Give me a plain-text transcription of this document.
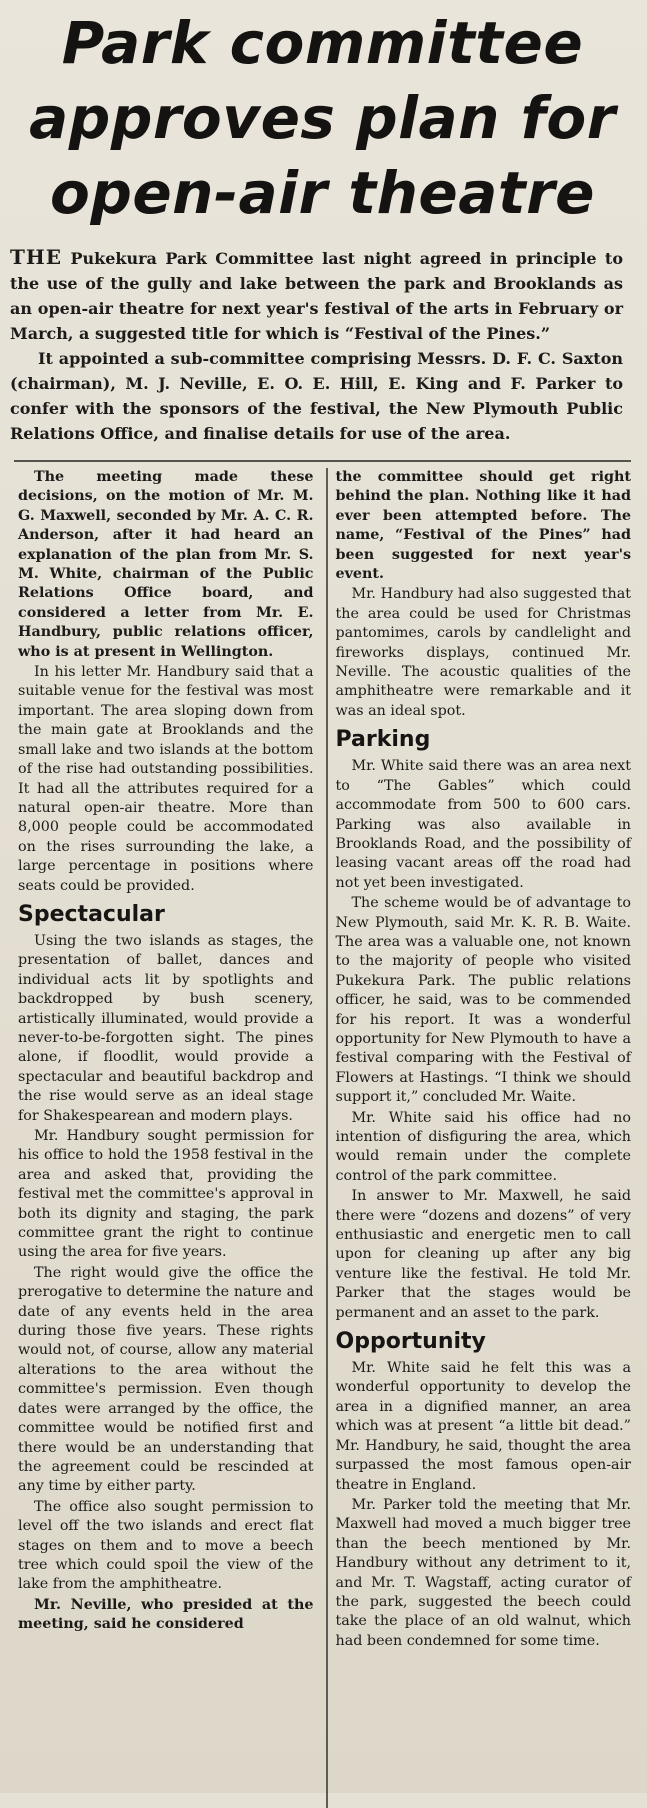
Park committee
approves plan for
open-air theatre

THE Pukekura Park Committee last night agreed in principle to the use of the gully and lake between the park and Brooklands as an open-air theatre for next year's festival of the arts in February or March, a suggested title for which is “Festival of the Pines.”

It appointed a sub-committee comprising Messrs. D. F. C. Saxton (chairman), M. J. Neville, E. O. E. Hill, E. King and F. Parker to confer with the sponsors of the festival, the New Plymouth Public Relations Office, and finalise details for use of the area.

The meeting made these decisions, on the motion of Mr. M. G. Maxwell, seconded by Mr. A. C. R. Anderson, after it had heard an explanation of the plan from Mr. S. M. White, chairman of the Public Relations Office board, and considered a letter from Mr. E. Handbury, public relations officer, who is at present in Wellington.

In his letter Mr. Handbury said that a suitable venue for the festival was most important. The area sloping down from the main gate at Brooklands and the small lake and two islands at the bottom of the rise had outstanding possibilities. It had all the attributes required for a natural open-air theatre. More than 8,000 people could be accommodated on the rises surrounding the lake, a large percentage in positions where seats could be provided.

Spectacular

Using the two islands as stages, the presentation of ballet, dances and individual acts lit by spotlights and backdropped by bush scenery, artistically illuminated, would provide a never-to-be-forgotten sight. The pines alone, if floodlit, would provide a spectacular and beautiful backdrop and the rise would serve as an ideal stage for Shakespearean and modern plays.

Mr. Handbury sought permission for his office to hold the 1958 festival in the area and asked that, providing the festival met the committee's approval in both its dignity and staging, the park committee grant the right to continue using the area for five years.

The right would give the office the prerogative to determine the nature and date of any events held in the area during those five years. These rights would not, of course, allow any material alterations to the area without the committee's permission. Even though dates were arranged by the office, the committee would be notified first and there would be an understanding that the agreement could be rescinded at any time by either party.

The office also sought permission to level off the two islands and erect flat stages on them and to move a beech tree which could spoil the view of the lake from the amphitheatre.

Mr. Neville, who presided at the meeting, said he considered

the committee should get right behind the plan. Nothing like it had ever been attempted before. The name, “Festival of the Pines” had been suggested for next year's event.

Mr. Handbury had also suggested that the area could be used for Christmas pantomimes, carols by candlelight and fireworks displays, continued Mr. Neville. The acoustic qualities of the amphitheatre were remarkable and it was an ideal spot.

Parking

Mr. White said there was an area next to “The Gables” which could accommodate from 500 to 600 cars. Parking was also available in Brooklands Road, and the possibility of leasing vacant areas off the road had not yet been investigated.

The scheme would be of advantage to New Plymouth, said Mr. K. R. B. Waite. The area was a valuable one, not known to the majority of people who visited Pukekura Park. The public relations officer, he said, was to be commended for his report. It was a wonderful opportunity for New Plymouth to have a festival comparing with the Festival of Flowers at Hastings. “I think we should support it,” concluded Mr. Waite.

Mr. White said his office had no intention of disfiguring the area, which would remain under the complete control of the park committee.

In answer to Mr. Maxwell, he said there were “dozens and dozens” of very enthusiastic and energetic men to call upon for cleaning up after any big venture like the festival. He told Mr. Parker that the stages would be permanent and an asset to the park.

Opportunity

Mr. White said he felt this was a wonderful opportunity to develop the area in a dignified manner, an area which was at present “a little bit dead.” Mr. Handbury, he said, thought the area surpassed the most famous open-air theatre in England.

Mr. Parker told the meeting that Mr. Maxwell had moved a much bigger tree than the beech mentioned by Mr. Handbury without any detriment to it, and Mr. T. Wagstaff, acting curator of the park, suggested the beech could take the place of an old walnut, which had been condemned for some time.
